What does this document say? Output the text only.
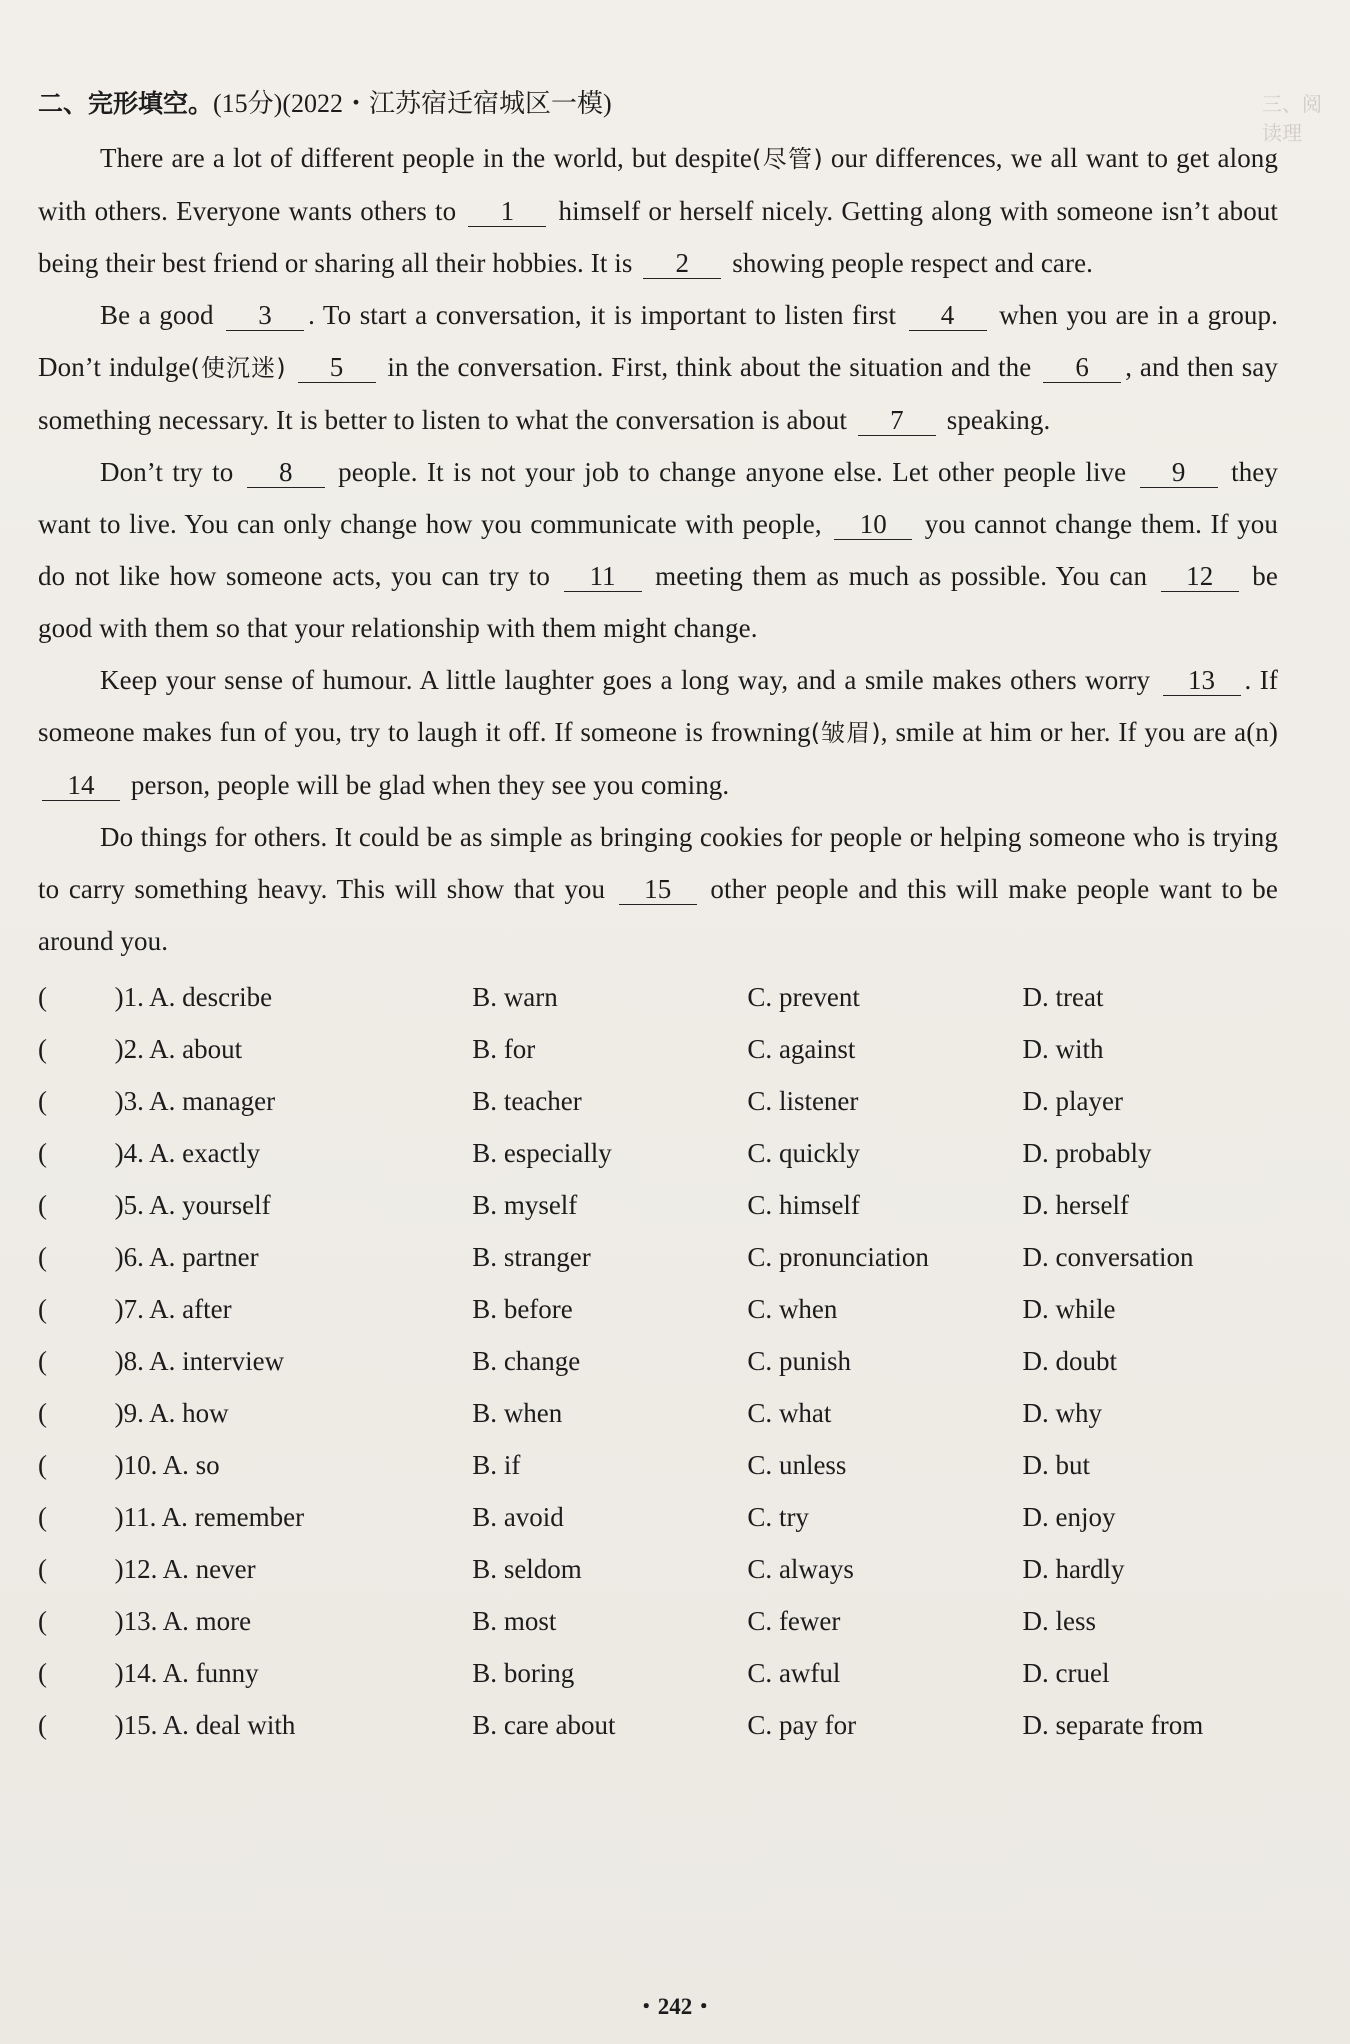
三、阅读理
二、完形填空。(15分)(2022・江苏宿迁宿城区一模)

There are a lot of different people in the world, but despite(尽管) our differences, we all want to get along with others. Everyone wants others to 1 himself or herself nicely. Getting along with someone isn’t about being their best friend or sharing all their hobbies. It is 2 showing people respect and care.

Be a good 3 . To start a conversation, it is important to listen first 4 when you are in a group. Don’t indulge(使沉迷) 5 in the conversation. First, think about the situation and the 6 , and then say something necessary. It is better to listen to what the conversation is about 7 speaking.

Don’t try to 8 people. It is not your job to change anyone else. Let other people live 9 they want to live. You can only change how you communicate with people, 10 you cannot change them. If you do not like how someone acts, you can try to 11 meeting them as much as possible. You can 12 be good with them so that your relationship with them might change.

Keep your sense of humour. A little laughter goes a long way, and a smile makes others worry 13 . If someone makes fun of you, try to laugh it off. If someone is frowning(皱眉), smile at him or her. If you are a(n) 14 person, people will be glad when they see you coming.

Do things for others. It could be as simple as bringing cookies for people or helping someone who is trying to carry something heavy. This will show that you 15 other people and this will make people want to be around you.

(	)1. A. describe	B. warn	C. prevent	D. treat
(	)2. A. about	B. for	C. against	D. with
(	)3. A. manager	B. teacher	C. listener	D. player
(	)4. A. exactly	B. especially	C. quickly	D. probably
(	)5. A. yourself	B. myself	C. himself	D. herself
(	)6. A. partner	B. stranger	C. pronunciation	D. conversation
(	)7. A. after	B. before	C. when	D. while
(	)8. A. interview	B. change	C. punish	D. doubt
(	)9. A. how	B. when	C. what	D. why
(	)10. A. so	B. if	C. unless	D. but
(	)11. A. remember	B. avoid	C. try	D. enjoy
(	)12. A. never	B. seldom	C. always	D. hardly
(	)13. A. more	B. most	C. fewer	D. less
(	)14. A. funny	B. boring	C. awful	D. cruel
(	)15. A. deal with	B. care about	C. pay for	D. separate from
・242・
